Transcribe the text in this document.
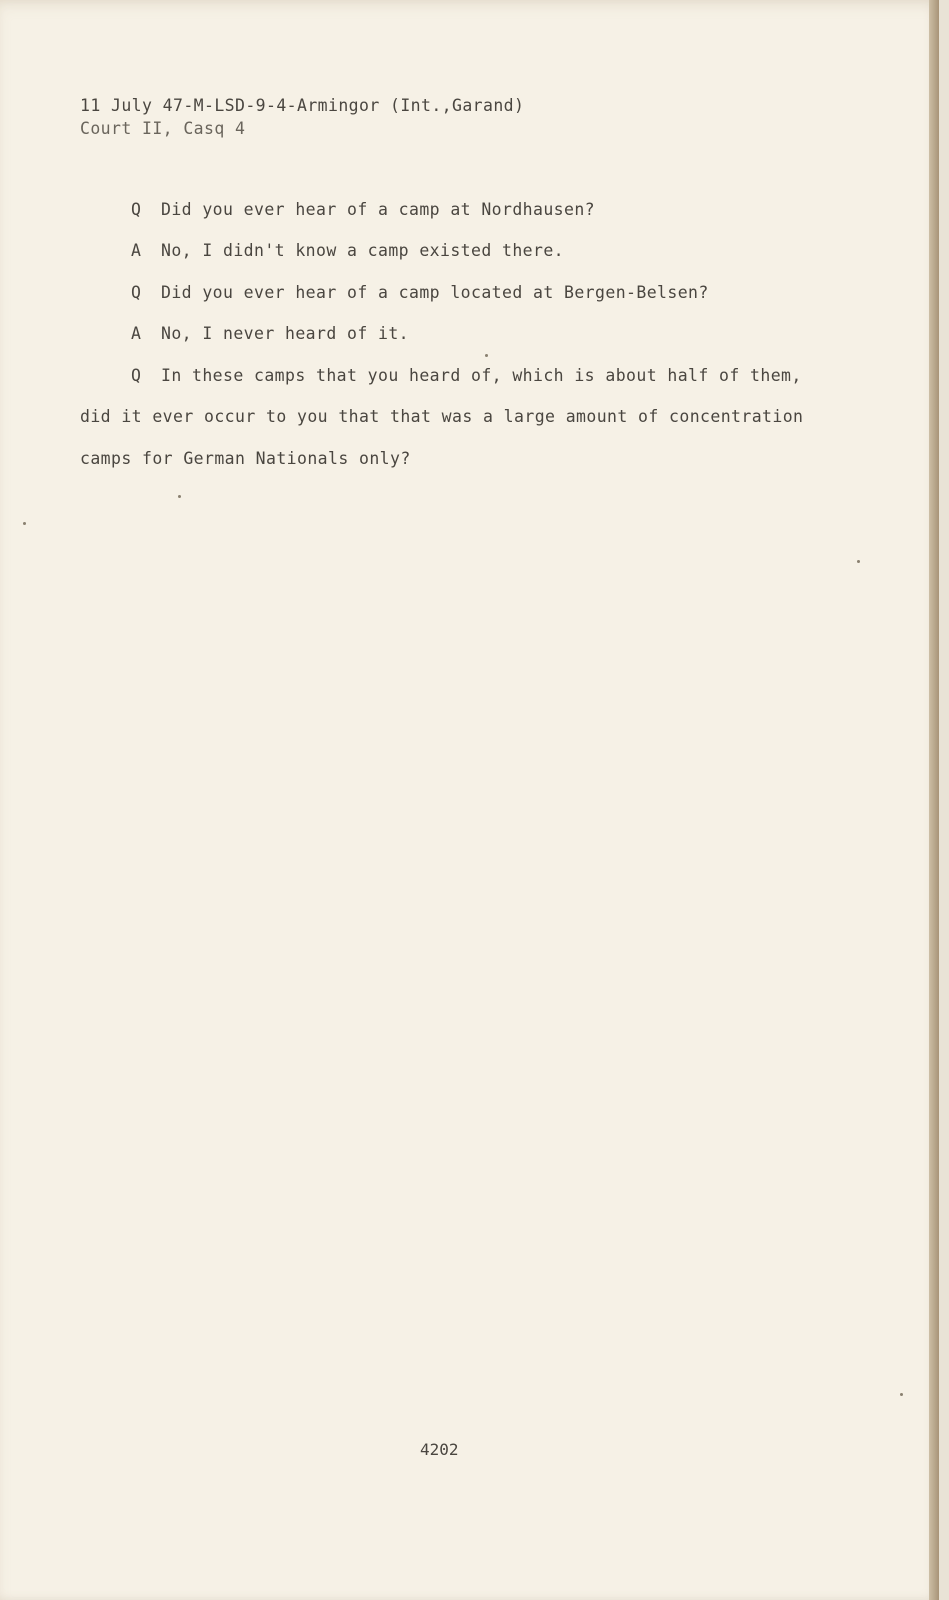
11 July 47-M-LSD-9-4-Armingor (Int.,Garand)
Court II, Casq 4
Q Did you ever hear of a camp at Nordhausen?
A No, I didn't know a camp existed there.
Q Did you ever hear of a camp located at Bergen-Belsen?
A No, I never heard of it.
Q In these camps that you heard of, which is about half of them,
did it ever occur to you that that was a large amount of concentration
camps for German Nationals only?
4202
